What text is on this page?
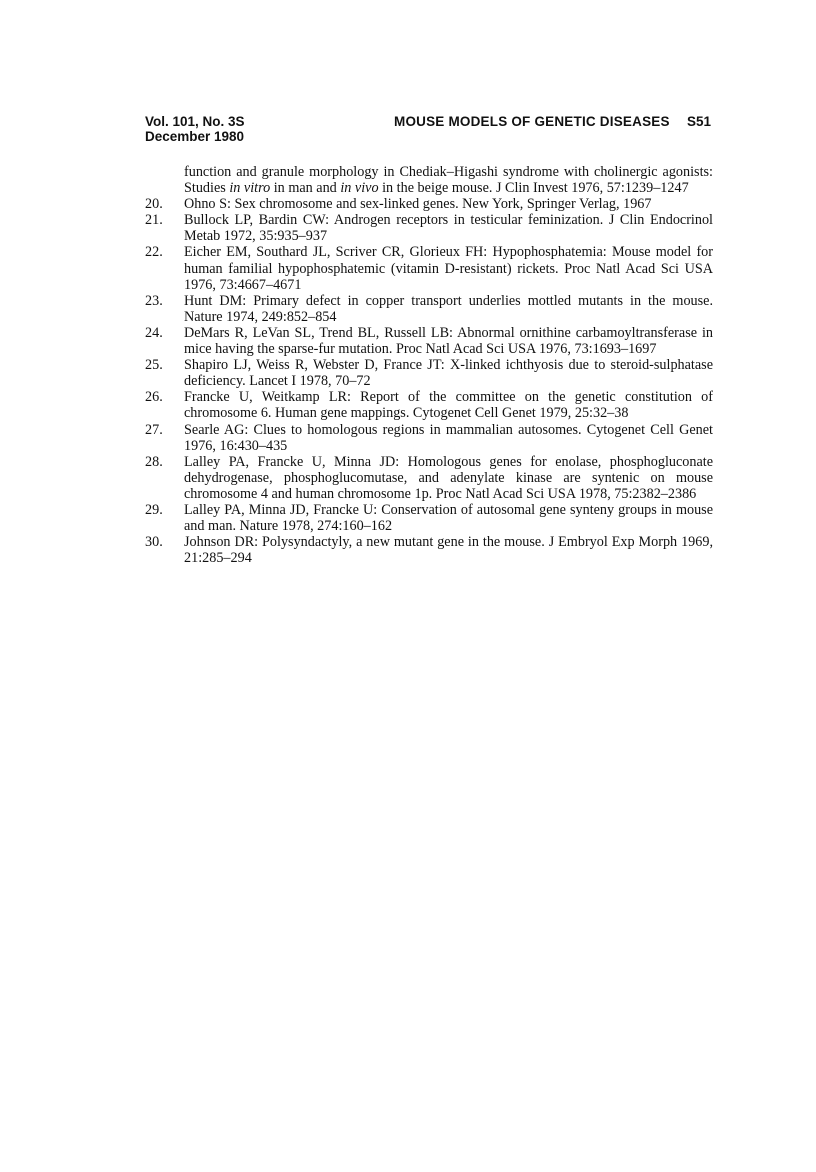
Vol. 101, No. 3S
December 1980
MOUSE MODELS OF GENETIC DISEASES S51
function and granule morphology in Chediak–Higashi syndrome with cholinergic agonists: Studies in vitro in man and in vivo in the beige mouse. J Clin Invest 1976, 57:1239–1247
20. Ohno S: Sex chromosome and sex-linked genes. New York, Springer Verlag, 1967
21. Bullock LP, Bardin CW: Androgen receptors in testicular feminization. J Clin Endocrinol Metab 1972, 35:935–937
22. Eicher EM, Southard JL, Scriver CR, Glorieux FH: Hypophosphatemia: Mouse model for human familial hypophosphatemic (vitamin D-resistant) rickets. Proc Natl Acad Sci USA 1976, 73:4667–4671
23. Hunt DM: Primary defect in copper transport underlies mottled mutants in the mouse. Nature 1974, 249:852–854
24. DeMars R, LeVan SL, Trend BL, Russell LB: Abnormal ornithine carbamoyltransferase in mice having the sparse-fur mutation. Proc Natl Acad Sci USA 1976, 73:1693–1697
25. Shapiro LJ, Weiss R, Webster D, France JT: X-linked ichthyosis due to steroid-sulphatase deficiency. Lancet I 1978, 70–72
26. Francke U, Weitkamp LR: Report of the committee on the genetic constitution of chromosome 6. Human gene mappings. Cytogenet Cell Genet 1979, 25:32–38
27. Searle AG: Clues to homologous regions in mammalian autosomes. Cytogenet Cell Genet 1976, 16:430–435
28. Lalley PA, Francke U, Minna JD: Homologous genes for enolase, phosphogluconate dehydrogenase, phosphoglucomutase, and adenylate kinase are syntenic on mouse chromosome 4 and human chromosome 1p. Proc Natl Acad Sci USA 1978, 75:2382–2386
29. Lalley PA, Minna JD, Francke U: Conservation of autosomal gene synteny groups in mouse and man. Nature 1978, 274:160–162
30. Johnson DR: Polysyndactyly, a new mutant gene in the mouse. J Embryol Exp Morph 1969, 21:285–294
